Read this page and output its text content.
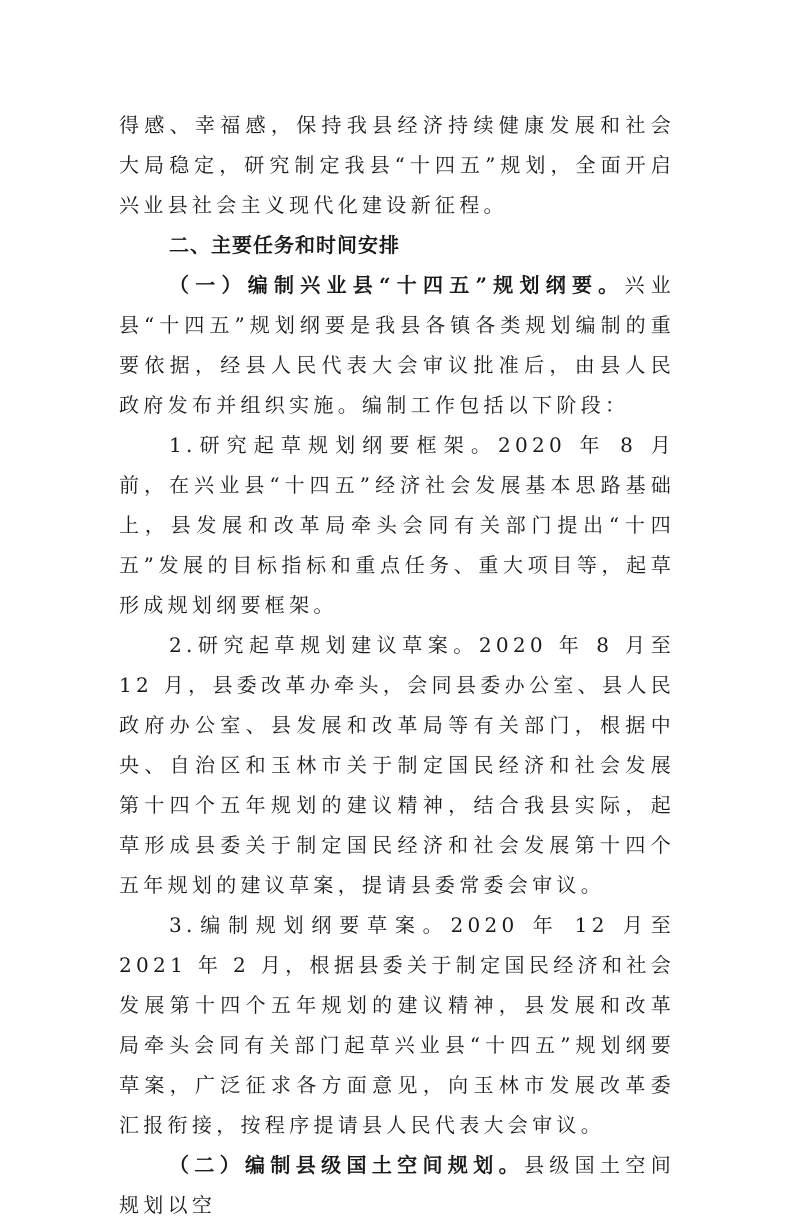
得感、幸福感，保持我县经济持续健康发展和社会大局稳定，研究制定我县“十四五”规划，全面开启兴业县社会主义现代化建设新征程。

二、主要任务和时间安排

（一）编制兴业县“十四五”规划纲要。兴业县“十四五”规划纲要是我县各镇各类规划编制的重要依据，经县人民代表大会审议批准后，由县人民政府发布并组织实施。编制工作包括以下阶段：

1.研究起草规划纲要框架。2020 年 8 月前，在兴业县“十四五”经济社会发展基本思路基础上，县发展和改革局牵头会同有关部门提出“十四五”发展的目标指标和重点任务、重大项目等，起草形成规划纲要框架。

2.研究起草规划建议草案。2020 年 8 月至 12 月，县委改革办牵头，会同县委办公室、县人民政府办公室、县发展和改革局等有关部门，根据中央、自治区和玉林市关于制定国民经济和社会发展第十四个五年规划的建议精神，结合我县实际，起草形成县委关于制定国民经济和社会发展第十四个五年规划的建议草案，提请县委常委会审议。

3.编制规划纲要草案。2020 年 12 月至 2021 年 2 月，根据县委关于制定国民经济和社会发展第十四个五年规划的建议精神，县发展和改革局牵头会同有关部门起草兴业县“十四五”规划纲要草案，广泛征求各方面意见，向玉林市发展改革委汇报衔接，按程序提请县人民代表大会审议。

（二）编制县级国土空间规划。县级国土空间规划以空
